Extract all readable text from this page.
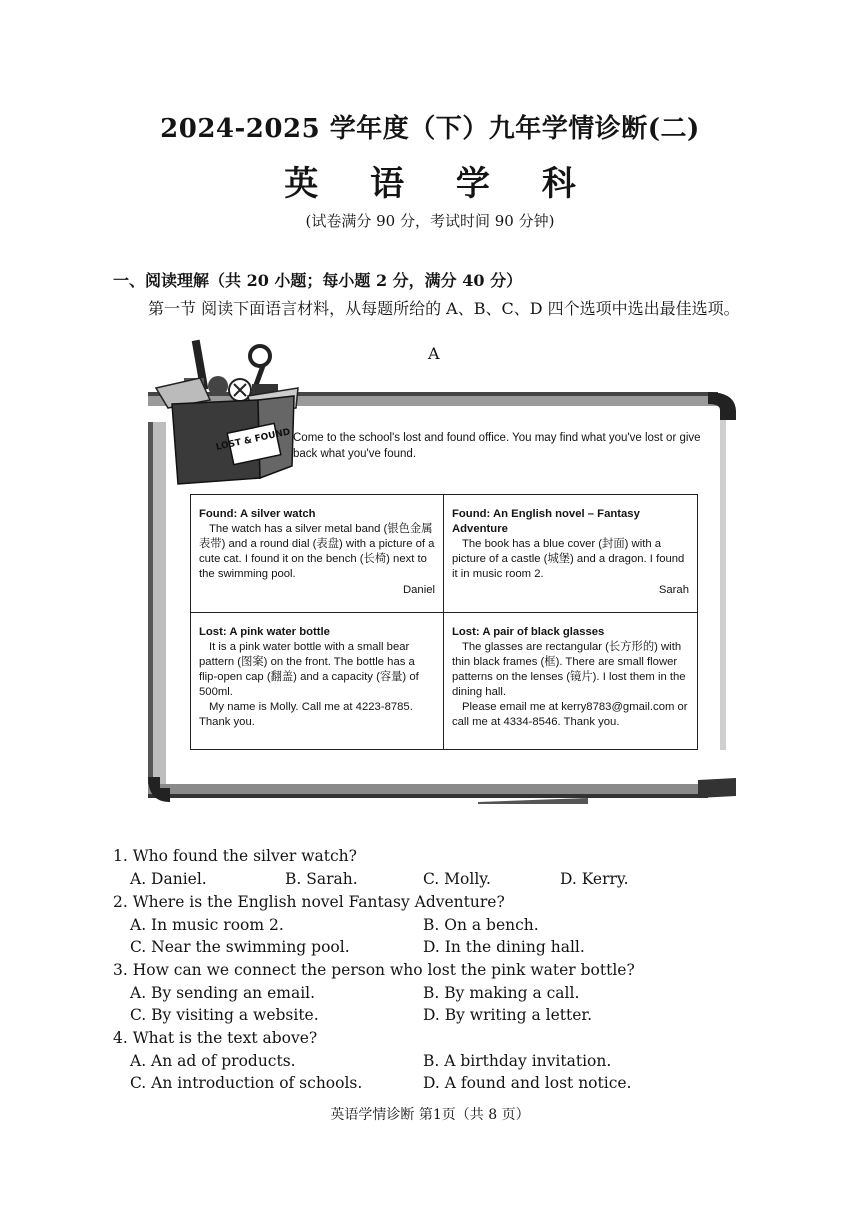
2024-2025 学年度（下）九年学情诊断(二)
英 语 学 科
(试卷满分 90 分，考试时间 90 分钟)
一、阅读理解（共 20 小题；每小题 2 分，满分 40 分）
第一节 阅读下面语言材料，从每题所给的 A、B、C、D 四个选项中选出最佳选项。
A
LOST & FOUND Come to the school's lost and found office. You may find what you've lost or give back what you've found.

Found: A silver watch

The watch has a silver metal band (银色金属表带) and a round dial (表盘) with a picture of a cute cat. I found it on the bench (长椅) next to the swimming pool.

Daniel

Found: An English novel – Fantasy Adventure

The book has a blue cover (封面) with a picture of a castle (城堡) and a dragon. I found it in music room 2.

Sarah

Lost: A pink water bottle

It is a pink water bottle with a small bear pattern (图案) on the front. The bottle has a flip-open cap (翻盖) and a capacity (容量) of 500ml.

My name is Molly. Call me at 4223-8785. Thank you.

Lost: A pair of black glasses

The glasses are rectangular (长方形的) with thin black frames (框). There are small flower patterns on the lenses (镜片). I lost them in the dining hall.

Please email me at kerry8783@gmail.com or call me at 4334-8546. Thank you.

1. Who found the silver watch?
A. Daniel.	B. Sarah.	C. Molly.	D. Kerry.
2. Where is the English novel Fantasy Adventure?
A. In music room 2.	B. On a bench.
C. Near the swimming pool.	D. In the dining hall.
3. How can we connect the person who lost the pink water bottle?
A. By sending an email.	B. By making a call.
C. By visiting a website.	D. By writing a letter.
4. What is the text above?
A. An ad of products.	B. A birthday invitation.
C. An introduction of schools.	D. A found and lost notice.
英语学情诊断 第1页（共 8 页）
